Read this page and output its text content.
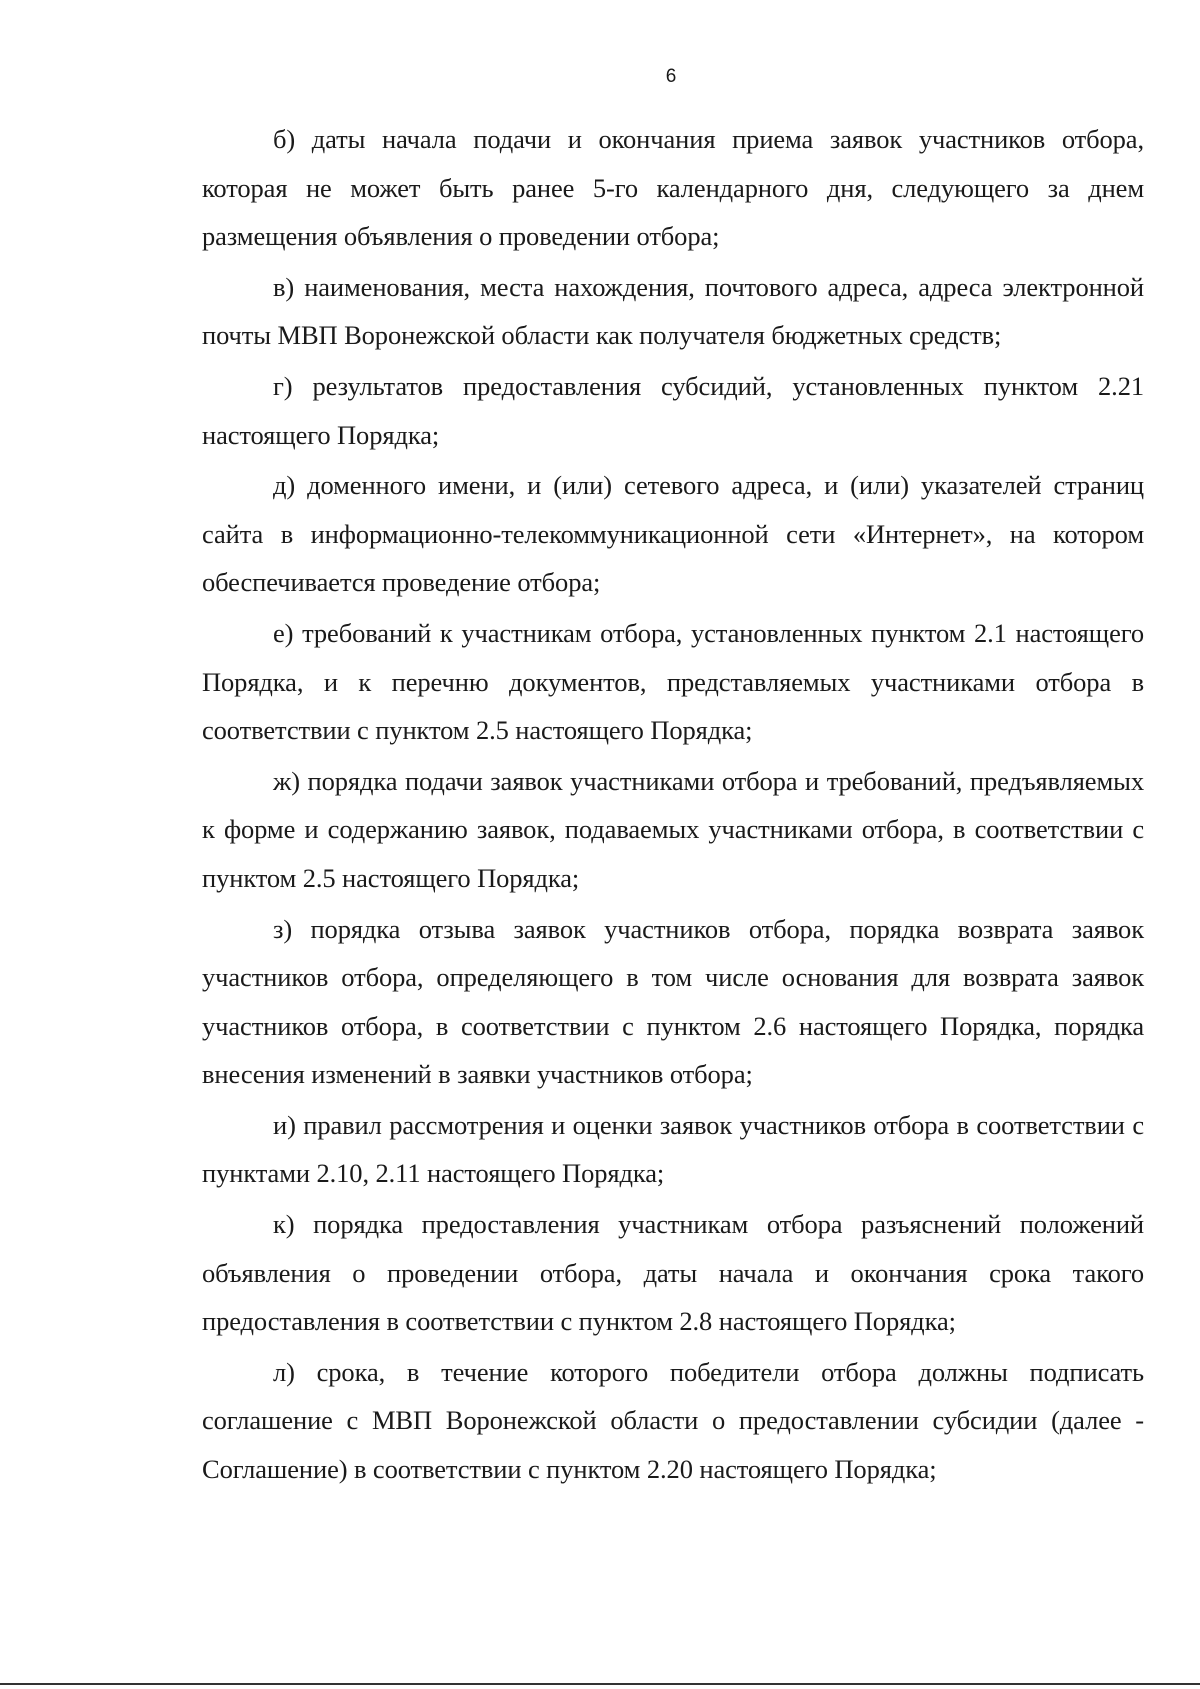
6

б) даты начала подачи и окончания приема заявок участников отбора, которая не может быть ранее 5-го календарного дня, следующего за днем размещения объявления о проведении отбора;

в) наименования, места нахождения, почтового адреса, адреса электронной почты МВП Воронежской области как получателя бюджетных средств;

г) результатов предоставления субсидий, установленных пунктом 2.21 настоящего Порядка;

д) доменного имени, и (или) сетевого адреса, и (или) указателей страниц сайта в информационно-телекоммуникационной сети «Интернет», на котором обеспечивается проведение отбора;

е) требований к участникам отбора, установленных пунктом 2.1 настоящего Порядка, и к перечню документов, представляемых участниками отбора в соответствии с пунктом 2.5 настоящего Порядка;

ж) порядка подачи заявок участниками отбора и требований, предъявляемых к форме и содержанию заявок, подаваемых участниками отбора, в соответствии с пунктом 2.5 настоящего Порядка;

з) порядка отзыва заявок участников отбора, порядка возврата заявок участников отбора, определяющего в том числе основания для возврата заявок участников отбора, в соответствии с пунктом 2.6 настоящего Порядка, порядка внесения изменений в заявки участников отбора;

и) правил рассмотрения и оценки заявок участников отбора в соответствии с пунктами 2.10, 2.11 настоящего Порядка;

к) порядка предоставления участникам отбора разъяснений положений объявления о проведении отбора, даты начала и окончания срока такого предоставления в соответствии с пунктом 2.8 настоящего Порядка;

л) срока, в течение которого победители отбора должны подписать соглашение с МВП Воронежской области о предоставлении субсидии (далее - Соглашение) в соответствии с пунктом 2.20 настоящего Порядка;
